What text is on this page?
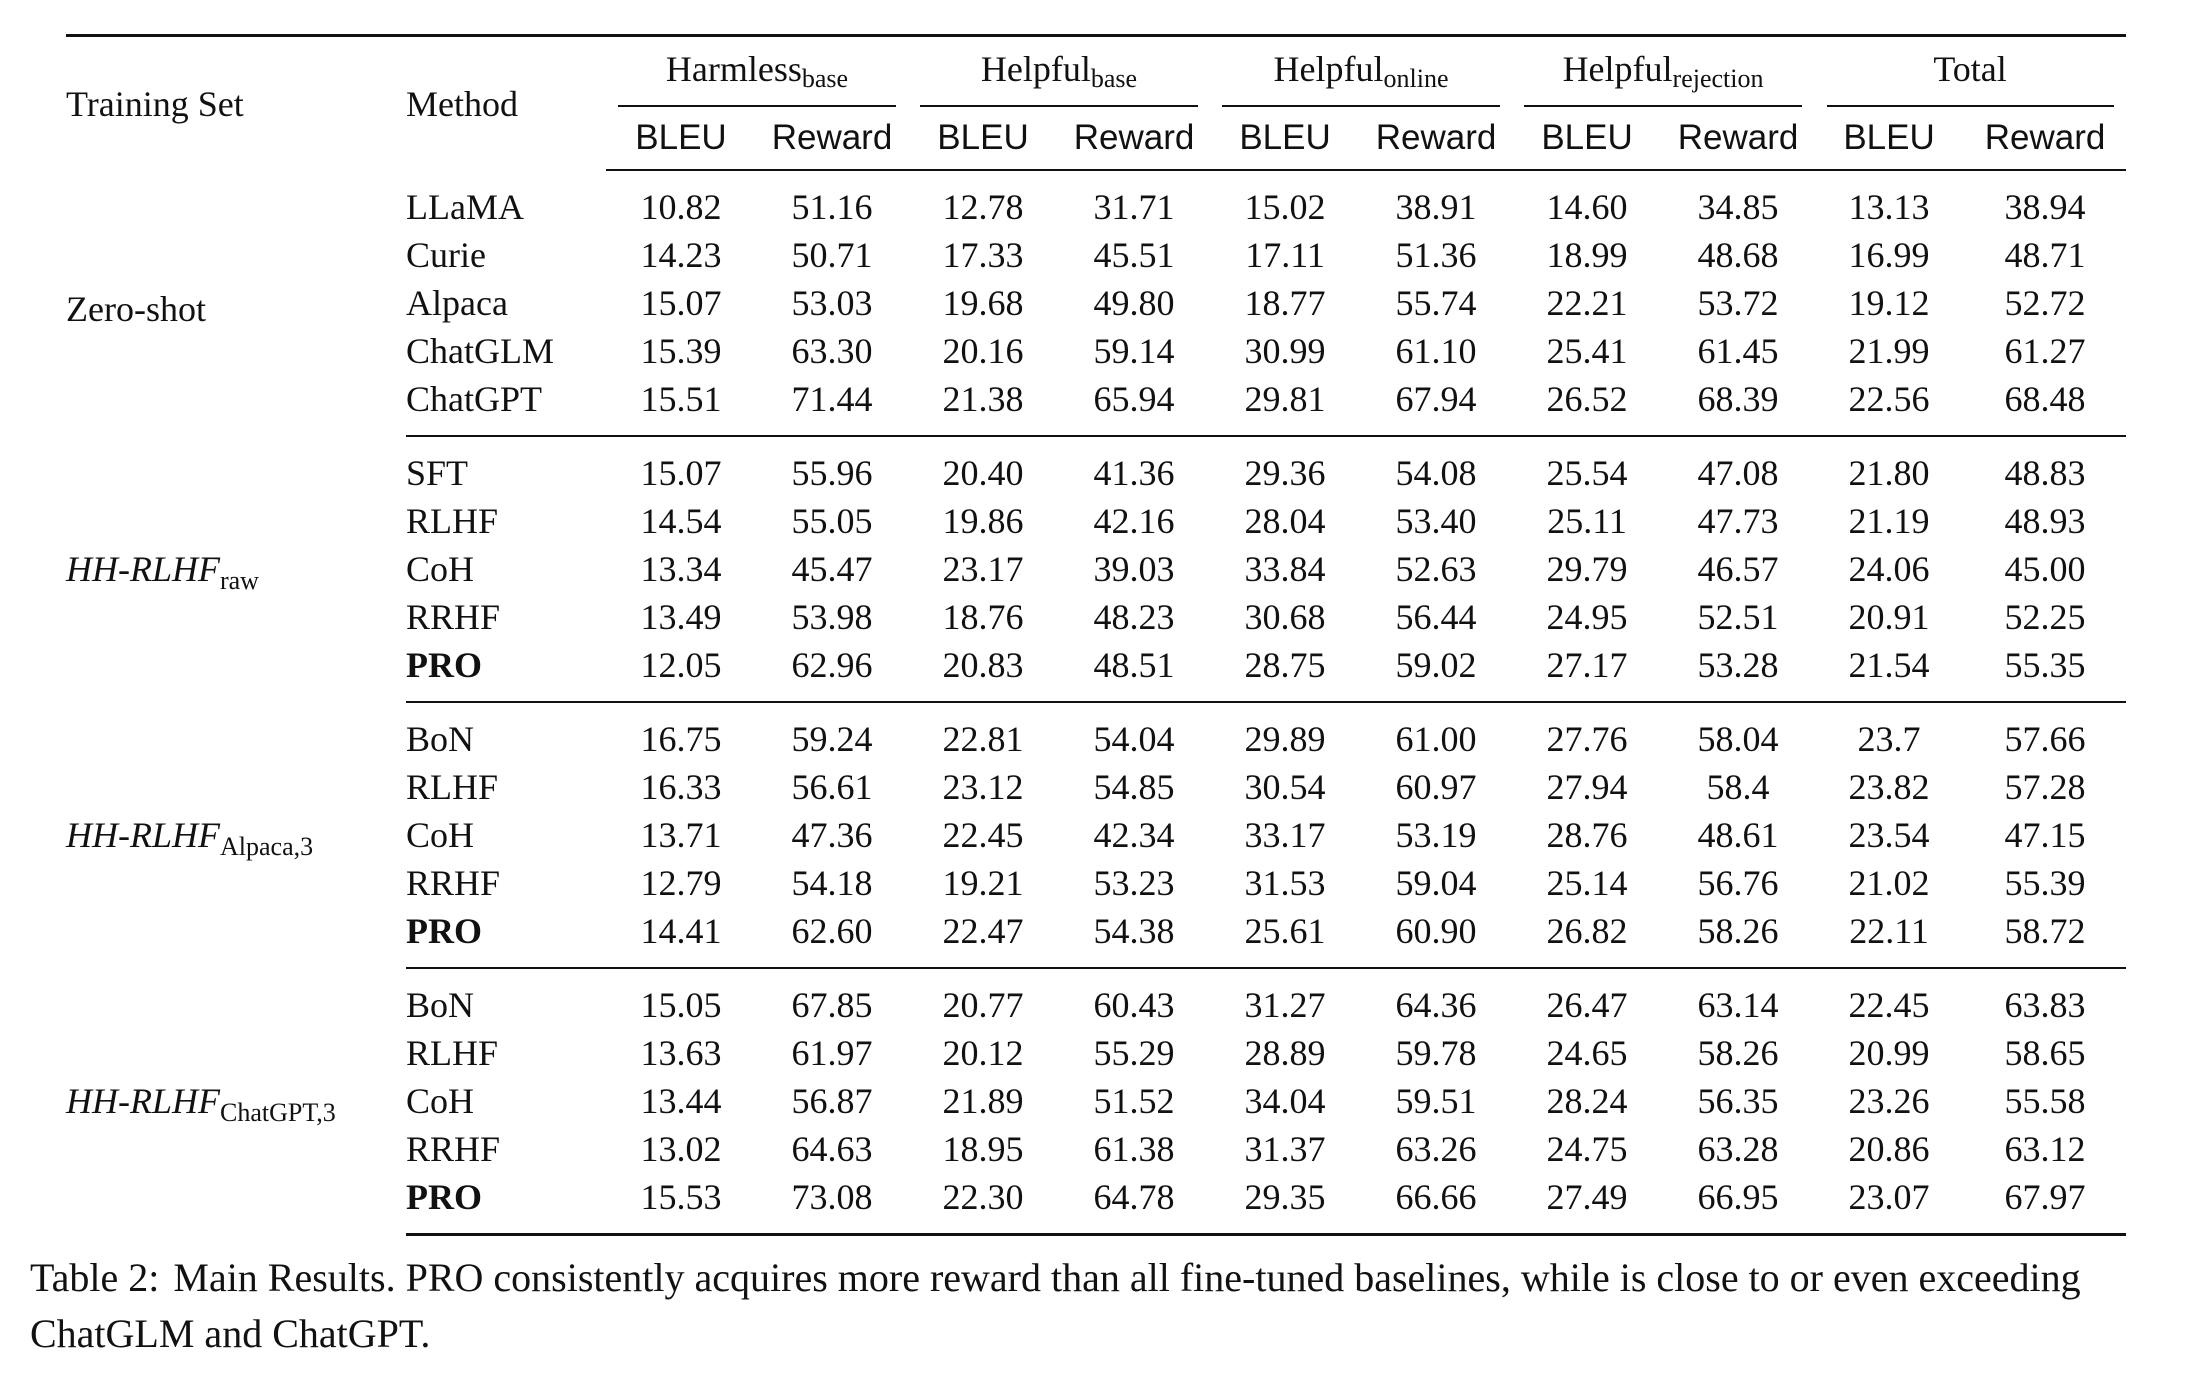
Training Set	Method	Harmless$_{base}$		Helpful$_{base}$		Helpful$_{online}$		Helpful$_{rejection}$		Total	
		BLEU	Reward	BLEU	Reward	BLEU	Reward	BLEU	Reward	BLEU	Reward
Zero-shot	LLaMA	10.82	51.16	12.78	31.71	15.02	38.91	14.60	34.85	13.13	38.94
	Curie	14.23	50.71	17.33	45.51	17.11	51.36	18.99	48.68	16.99	48.71
	Alpaca	15.07	53.03	19.68	49.80	18.77	55.74	22.21	53.72	19.12	52.72
	ChatGLM	15.39	63.30	20.16	59.14	30.99	61.10	25.41	61.45	21.99	61.27
	ChatGPT	15.51	71.44	21.38	65.94	29.81	67.94	26.52	68.39	22.56	68.48
$HH-RLHF_{raw}$	SFT	15.07	55.96	20.40	41.36	29.36	54.08	25.54	47.08	21.80	48.83
	RLHF	14.54	55.05	19.86	42.16	28.04	53.40	25.11	47.73	21.19	48.93
	CoH	13.34	45.47	23.17	39.03	33.84	52.63	29.79	46.57	24.06	45.00
	RRHF	13.49	53.98	18.76	48.23	30.68	56.44	24.95	52.51	20.91	52.25
	PRO	12.05	62.96	20.83	48.51	28.75	59.02	27.17	53.28	21.54	55.35
$HH-RLHF_{Alpaca,3}$	BoN	16.75	59.24	22.81	54.04	29.89	61.00	27.76	58.04	23.7	57.66
	RLHF	16.33	56.61	23.12	54.85	30.54	60.97	27.94	58.4	23.82	57.28
	CoH	13.71	47.36	22.45	42.34	33.17	53.19	28.76	48.61	23.54	47.15
	RRHF	12.79	54.18	19.21	53.23	31.53	59.04	25.14	56.76	21.02	55.39
	PRO	14.41	62.60	22.47	54.38	25.61	60.90	26.82	58.26	22.11	58.72
$HH-RLHF_{ChatGPT,3}$	BoN	15.05	67.85	20.77	60.43	31.27	64.36	26.47	63.14	22.45	63.83
	RLHF	13.63	61.97	20.12	55.29	28.89	59.78	24.65	58.26	20.99	58.65
	CoH	13.44	56.87	21.89	51.52	34.04	59.51	28.24	56.35	23.26	55.58
	RRHF	13.02	64.63	18.95	61.38	31.37	63.26	24.75	63.28	20.86	63.12
	PRO	15.53	73.08	22.30	64.78	29.35	66.66	27.49	66.95	23.07	67.97
Table 2: Main Results. PRO consistently acquires more reward than all fine-tuned baselines, while is close to or even exceeding ChatGLM and ChatGPT.
